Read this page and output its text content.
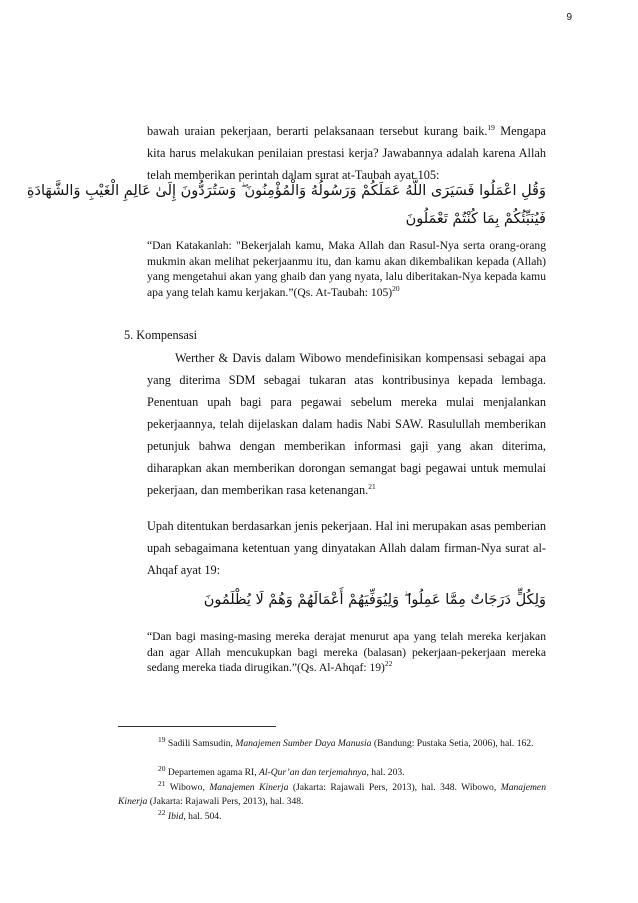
9
bawah uraian pekerjaan, berarti pelaksanaan tersebut kurang baik.$^{19}$ Mengapa kita harus melakukan penilaian prestasi kerja? Jawabannya adalah karena Allah telah memberikan perintah dalam surat at-Taubah ayat 105:
وَقُلِ اعْمَلُوا فَسَيَرَى اللَّهُ عَمَلَكُمْ وَرَسُولُهُ وَالْمُؤْمِنُونَ ۖ وَسَتُرَدُّونَ إِلَىٰ عَالِمِ الْغَيْبِ وَالشَّهَادَةِ
فَيُنَبِّئُكُمْ بِمَا كُنْتُمْ تَعْمَلُونَ
“Dan Katakanlah: "Bekerjalah kamu, Maka Allah dan Rasul-Nya serta orang-orang mukmin akan melihat pekerjaanmu itu, dan kamu akan dikembalikan kepada (Allah) yang mengetahui akan yang ghaib dan yang nyata, lalu diberitakan-Nya kepada kamu apa yang telah kamu kerjakan.”(Qs. At-Taubah: 105)$^{20}$
5. Kompensasi
Werther & Davis dalam Wibowo mendefinisikan kompensasi sebagai apa yang diterima SDM sebagai tukaran atas kontribusinya kepada lembaga. Penentuan upah bagi para pegawai sebelum mereka mulai menjalankan pekerjaannya, telah dijelaskan dalam hadis Nabi SAW. Rasulullah memberikan petunjuk bahwa dengan memberikan informasi gaji yang akan diterima, diharapkan akan memberikan dorongan semangat bagi pegawai untuk memulai pekerjaan, dan memberikan rasa ketenangan.$^{21}$
Upah ditentukan berdasarkan jenis pekerjaan. Hal ini merupakan asas pemberian upah sebagaimana ketentuan yang dinyatakan Allah dalam firman-Nya surat al-Ahqaf ayat 19:
وَلِكُلٍّ دَرَجَاتٌ مِمَّا عَمِلُوا ۖ وَلِيُوَفِّيَهُمْ أَعْمَالَهُمْ وَهُمْ لَا يُظْلَمُونَ
“Dan bagi masing-masing mereka derajat menurut apa yang telah mereka kerjakan dan agar Allah mencukupkan bagi mereka (balasan) pekerjaan-pekerjaan mereka sedang mereka tiada dirugikan.”(Qs. Al-Ahqaf: 19)$^{22}$
$^{19}$ Sadili Samsudin, Manajemen Sumber Daya Manusia (Bandung: Pustaka Setia, 2006), hal. 162.
$^{20}$ Departemen agama RI, Al-Qur’an dan terjemahnya, hal. 203.
$^{21}$ Wibowo, Manajemen Kinerja (Jakarta: Rajawali Pers, 2013), hal. 348. Wibowo, Manajemen Kinerja (Jakarta: Rajawali Pers, 2013), hal. 348.
$^{22}$ Ibid, hal. 504.
